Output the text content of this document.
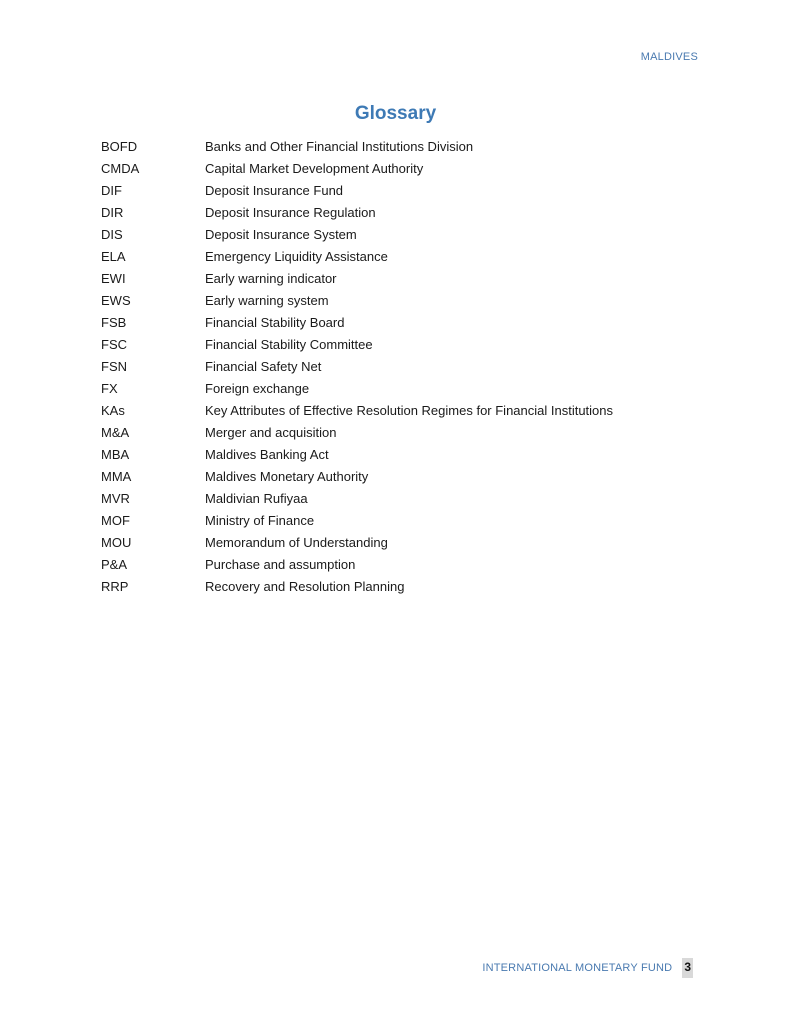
MALDIVES
Glossary
BOFD	Banks and Other Financial Institutions Division
CMDA	Capital Market Development Authority
DIF	Deposit Insurance Fund
DIR	Deposit Insurance Regulation
DIS	Deposit Insurance System
ELA	Emergency Liquidity Assistance
EWI	Early warning indicator
EWS	Early warning system
FSB	Financial Stability Board
FSC	Financial Stability Committee
FSN	Financial Safety Net
FX	Foreign exchange
KAs	Key Attributes of Effective Resolution Regimes for Financial Institutions
M&A	Merger and acquisition
MBA	Maldives Banking Act
MMA	Maldives Monetary Authority
MVR	Maldivian Rufiyaa
MOF	Ministry of Finance
MOU	Memorandum of Understanding
P&A	Purchase and assumption
RRP	Recovery and Resolution Planning
INTERNATIONAL MONETARY FUND 3
